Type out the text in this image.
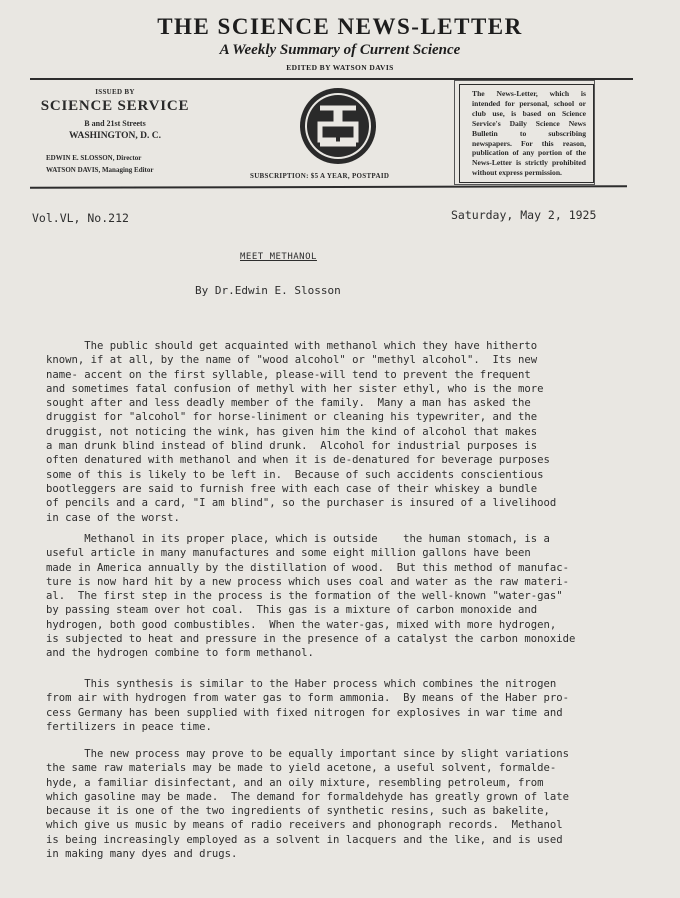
THE SCIENCE NEWS-LETTER
A Weekly Summary of Current Science
EDITED BY WATSON DAVIS
ISSUED BY
SCIENCE SERVICE
B and 21st Streets
WASHINGTON, D. C.
EDWIN E. SLOSSON, Director
WATSON DAVIS, Managing Editor
SUBSCRIPTION: $5 A YEAR, POSTPAID
The News-Letter, which is intended for personal, school or club use, is based on Science Service's Daily Science News Bulletin to subscribing newspapers. For this reason, publication of any portion of the News-Letter is strictly prohibited without express permission.
Vol.VL, No.212	Saturday, May 2, 1925
MEET METHANOL
By Dr.Edwin E. Slosson
The public should get acquainted with methanol which they have hitherto
known, if at all, by the name of "wood alcohol" or "methyl alcohol".  Its new
name- accent on the first syllable, please-will tend to prevent the frequent
and sometimes fatal confusion of methyl with her sister ethyl, who is the more
sought after and less deadly member of the family.  Many a man has asked the
druggist for "alcohol" for horse-liniment or cleaning his typewriter, and the
druggist, not noticing the wink, has given him the kind of alcohol that makes
a man drunk blind instead of blind drunk.  Alcohol for industrial purposes is
often denatured with methanol and when it is de-denatured for beverage purposes
some of this is likely to be left in.  Because of such accidents conscientious
bootleggers are said to furnish free with each case of their whiskey a bundle
of pencils and a card, "I am blind", so the purchaser is insured of a livelihood
in case of the worst.
Methanol in its proper place, which is outside    the human stomach, is a
useful article in many manufactures and some eight million gallons have been
made in America annually by the distillation of wood.  But this method of manufac-
ture is now hard hit by a new process which uses coal and water as the raw materi-
al.  The first step in the process is the formation of the well-known "water-gas"
by passing steam over hot coal.  This gas is a mixture of carbon monoxide and
hydrogen, both good combustibles.  When the water-gas, mixed with more hydrogen,
is subjected to heat and pressure in the presence of a catalyst the carbon monoxide
and the hydrogen combine to form methanol.
This synthesis is similar to the Haber process which combines the nitrogen
from air with hydrogen from water gas to form ammonia.  By means of the Haber pro-
cess Germany has been supplied with fixed nitrogen for explosives in war time and
fertilizers in peace time.
The new process may prove to be equally important since by slight variations
the same raw materials may be made to yield acetone, a useful solvent, formalde-
hyde, a familiar disinfectant, and an oily mixture, resembling petroleum, from
which gasoline may be made.  The demand for formaldehyde has greatly grown of late
because it is one of the two ingredients of synthetic resins, such as bakelite,
which give us music by means of radio receivers and phonograph records.  Methanol
is being increasingly employed as a solvent in lacquers and the like, and is used
in making many dyes and drugs.
